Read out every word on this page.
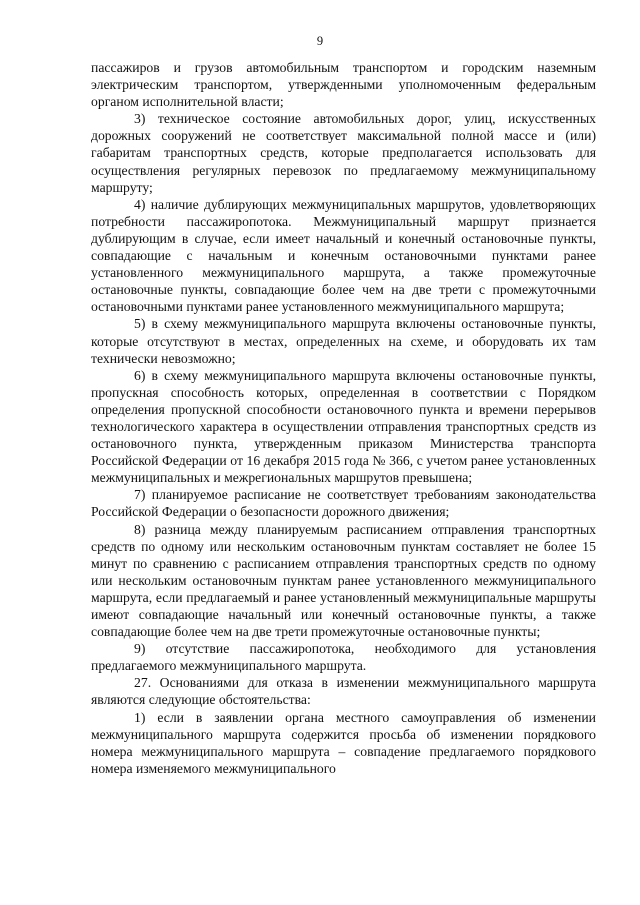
9

пассажиров и грузов автомобильным транспортом и городским наземным электрическим транспортом, утвержденными уполномоченным федеральным органом исполнительной власти;

3) техническое состояние автомобильных дорог, улиц, искусственных дорожных сооружений не соответствует максимальной полной массе и (или) габаритам транспортных средств, которые предполагается использовать для осуществления регулярных перевозок по предлагаемому межмуниципальному маршруту;

4) наличие дублирующих межмуниципальных маршрутов, удовлетворяющих потребности пассажиропотока. Межмуниципальный маршрут признается дублирующим в случае, если имеет начальный и конечный остановочные пункты, совпадающие с начальным и конечным остановочными пунктами ранее установленного межмуниципального маршрута, а также промежуточные остановочные пункты, совпадающие более чем на две трети с промежуточными остановочными пунктами ранее установленного межмуниципального маршрута;

5) в схему межмуниципального маршрута включены остановочные пункты, которые отсутствуют в местах, определенных на схеме, и оборудовать их там технически невозможно;

6) в схему межмуниципального маршрута включены остановочные пункты, пропускная способность которых, определенная в соответствии с Порядком определения пропускной способности остановочного пункта и времени перерывов технологического характера в осуществлении отправления транспортных средств из остановочного пункта, утвержденным приказом Министерства транспорта Российской Федерации от 16 декабря 2015 года № 366, с учетом ранее установленных межмуниципальных и межрегиональных маршрутов превышена;

7) планируемое расписание не соответствует требованиям законодательства Российской Федерации о безопасности дорожного движения;

8) разница между планируемым расписанием отправления транспортных средств по одному или нескольким остановочным пунктам составляет не более 15 минут по сравнению с расписанием отправления транспортных средств по одному или нескольким остановочным пунктам ранее установленного межмуниципального маршрута, если предлагаемый и ранее установленный межмуниципальные маршруты имеют совпадающие начальный или конечный остановочные пункты, а также совпадающие более чем на две трети промежуточные остановочные пункты;

9) отсутствие пассажиропотока, необходимого для установления предлагаемого межмуниципального маршрута.

27. Основаниями для отказа в изменении межмуниципального маршрута являются следующие обстоятельства:

1) если в заявлении органа местного самоуправления об изменении межмуниципального маршрута содержится просьба об изменении порядкового номера межмуниципального маршрута – совпадение предлагаемого порядкового номера изменяемого межмуниципального
